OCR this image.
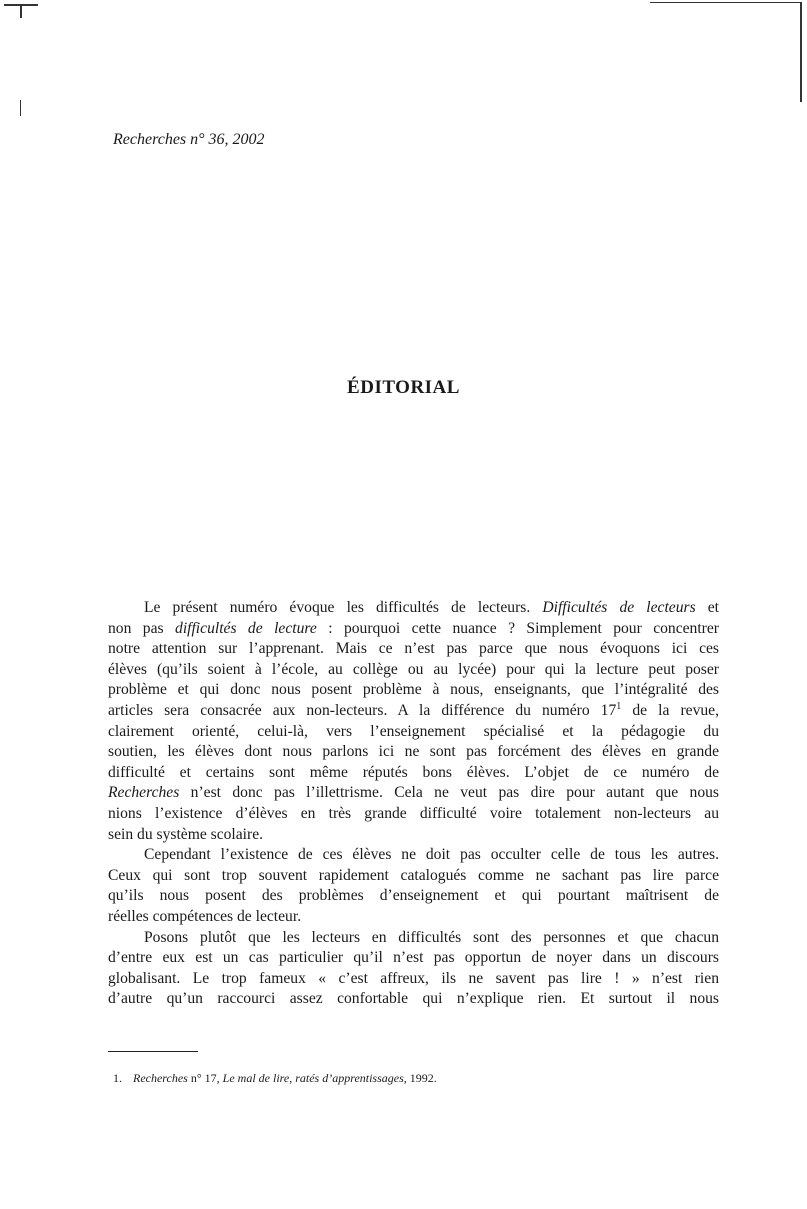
Recherches n° 36, 2002
ÉDITORIAL
Le présent numéro évoque les difficultés de lecteurs. Difficultés de lecteurs et
non pas difficultés de lecture : pourquoi cette nuance ? Simplement pour concentrer
notre attention sur l’apprenant. Mais ce n’est pas parce que nous évoquons ici ces
élèves (qu’ils soient à l’école, au collège ou au lycée) pour qui la lecture peut poser
problème et qui donc nous posent problème à nous, enseignants, que l’intégralité des
articles sera consacrée aux non-lecteurs. A la différence du numéro $17^1$ de la revue,
clairement orienté, celui-là, vers l’enseignement spécialisé et la pédagogie du
soutien, les élèves dont nous parlons ici ne sont pas forcément des élèves en grande
difficulté et certains sont même réputés bons élèves. L’objet de ce numéro de
Recherches n’est donc pas l’illettrisme. Cela ne veut pas dire pour autant que nous
nions l’existence d’élèves en très grande difficulté voire totalement non-lecteurs au
sein du système scolaire.
Cependant l’existence de ces élèves ne doit pas occulter celle de tous les autres.
Ceux qui sont trop souvent rapidement catalogués comme ne sachant pas lire parce
qu’ils nous posent des problèmes d’enseignement et qui pourtant maîtrisent de
réelles compétences de lecteur.
Posons plutôt que les lecteurs en difficultés sont des personnes et que chacun
d’entre eux est un cas particulier qu’il n’est pas opportun de noyer dans un discours
globalisant. Le trop fameux « c’est affreux, ils ne savent pas lire ! » n’est rien
d’autre qu’un raccourci assez confortable qui n’explique rien. Et surtout il nous
1. Recherches n° 17, Le mal de lire, ratés d’apprentissages, 1992.
